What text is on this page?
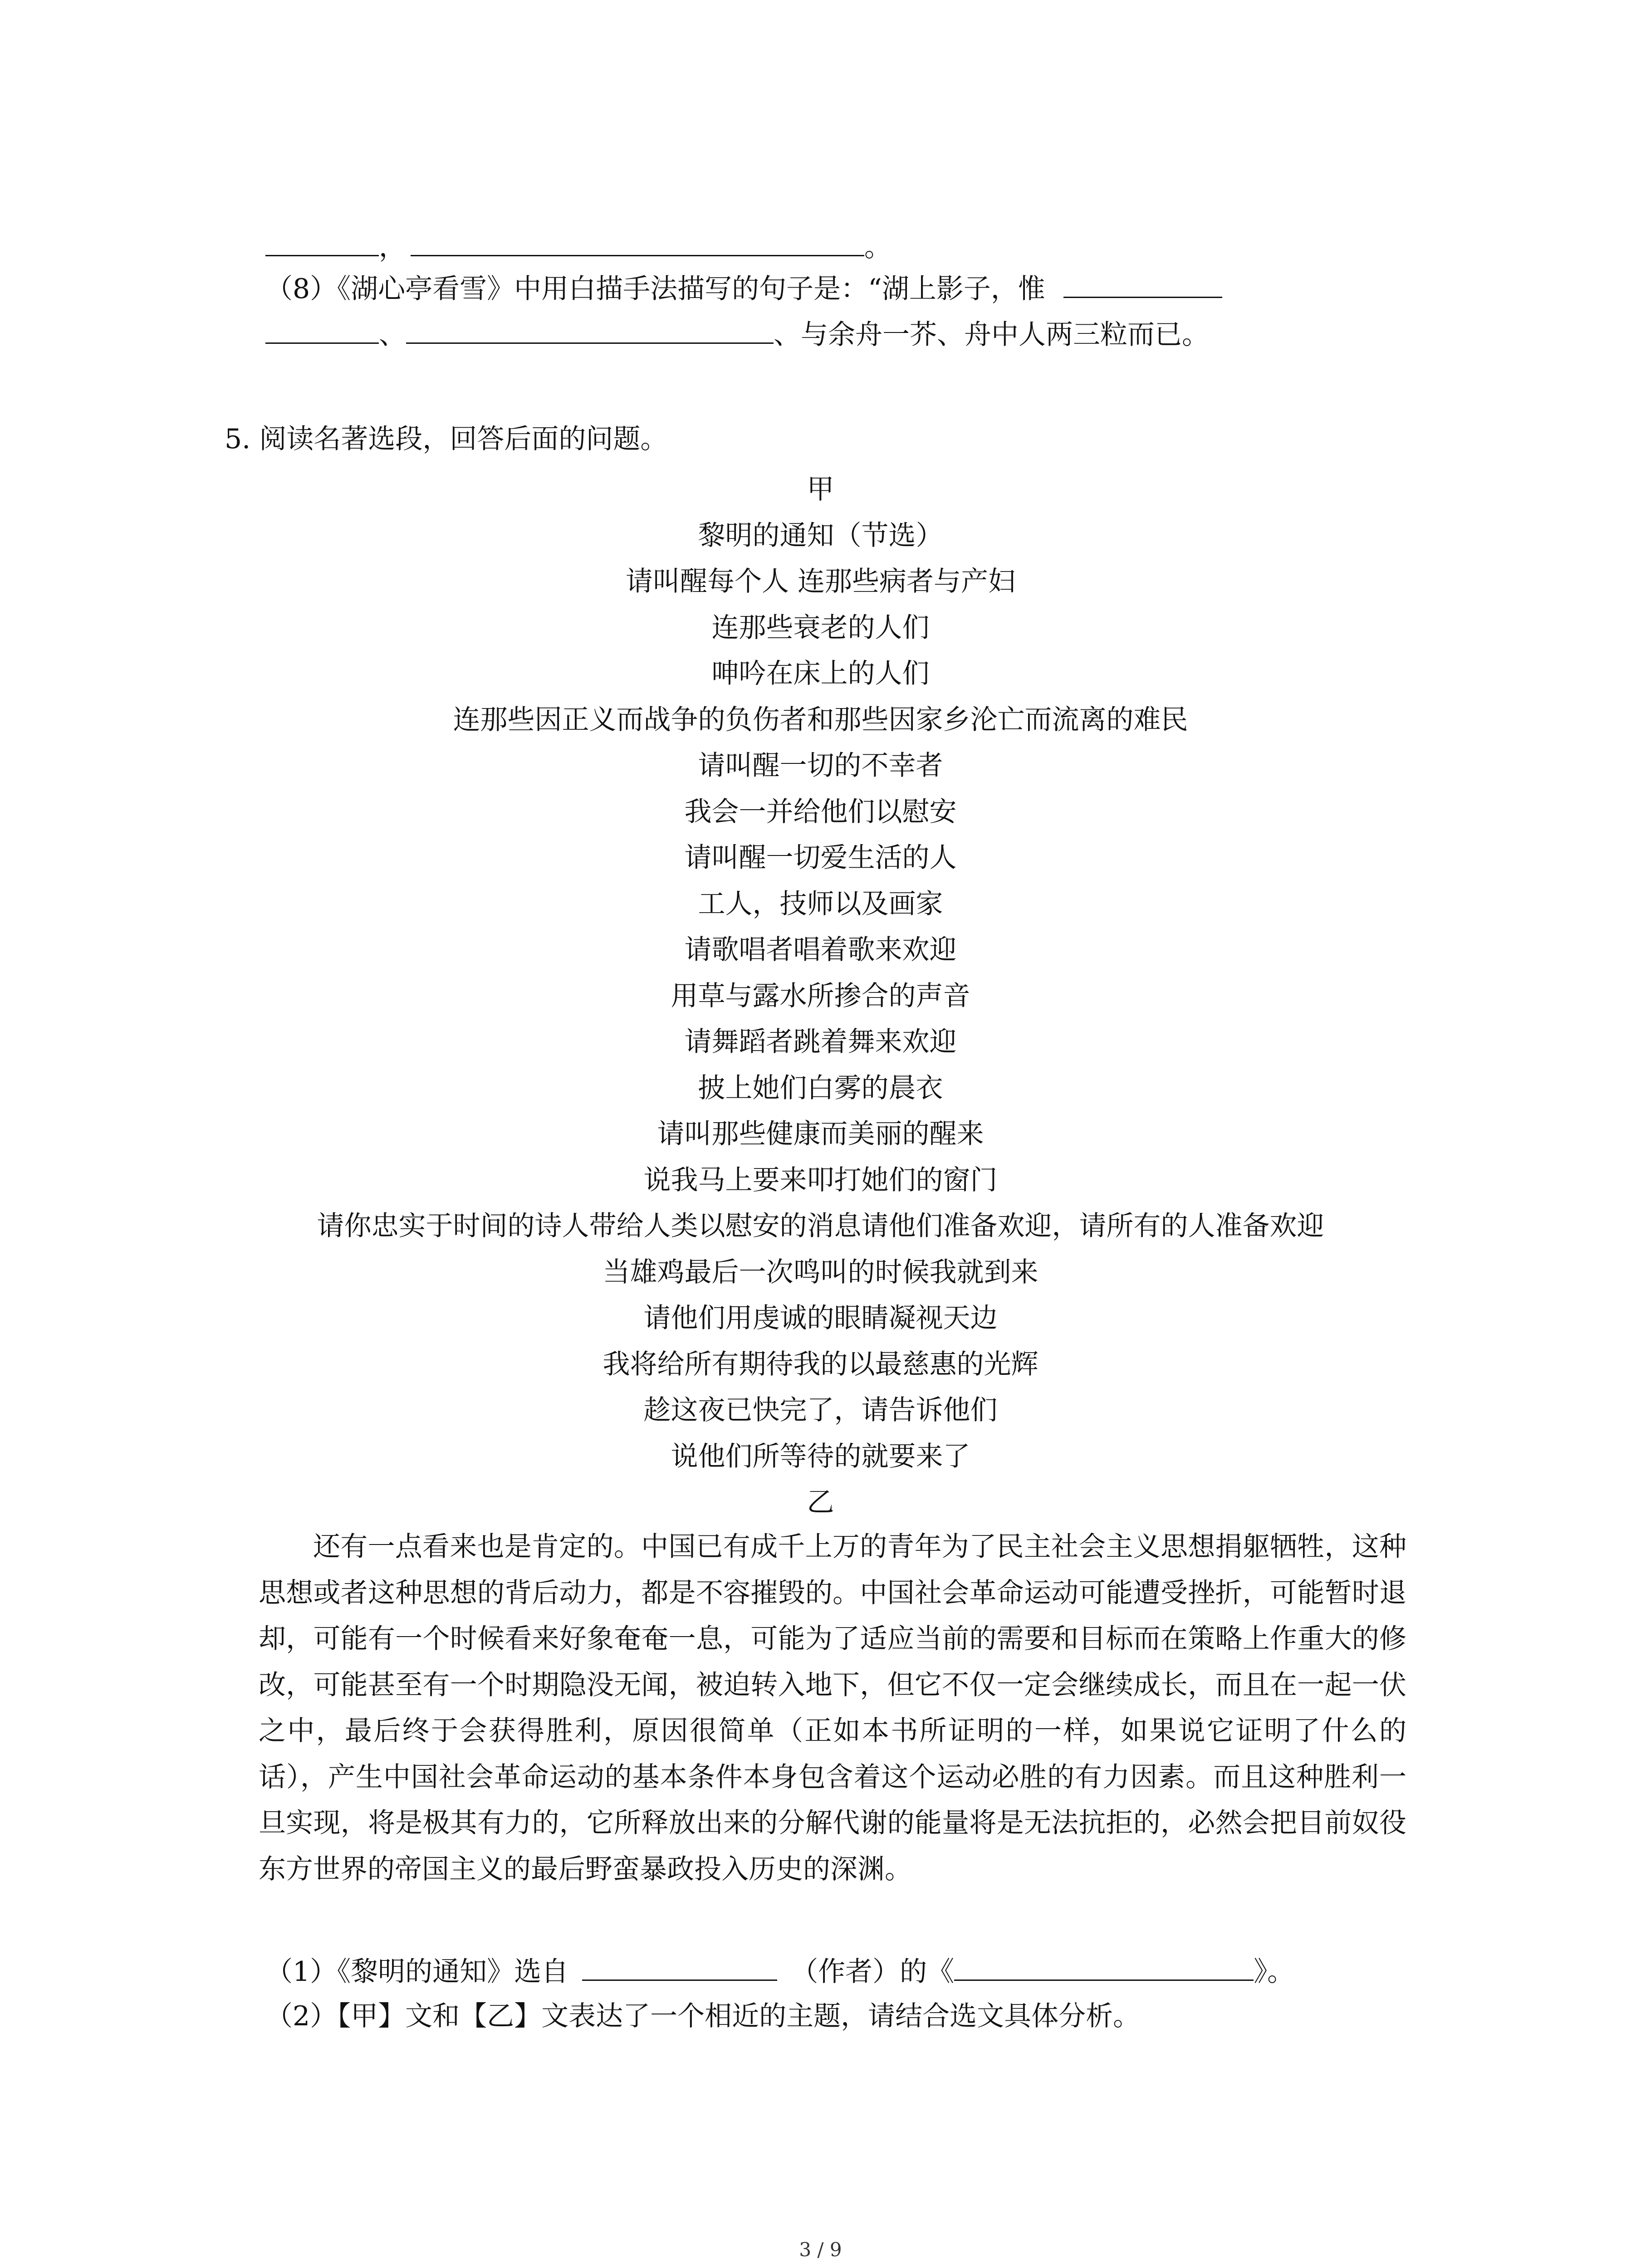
，	。
（8）《湖心亭看雪》中用白描手法描写的句子是：“湖上影子，惟
、	、与余舟一芥、舟中人两三粒而已。
5. 阅读名著选段，回答后面的问题。
甲
黎明的通知（节选）
请叫醒每个人 连那些病者与产妇
连那些衰老的人们
呻吟在床上的人们
连那些因正义而战争的负伤者和那些因家乡沦亡而流离的难民
请叫醒一切的不幸者
我会一并给他们以慰安
请叫醒一切爱生活的人
工人，技师以及画家
请歌唱者唱着歌来欢迎
用草与露水所掺合的声音
请舞蹈者跳着舞来欢迎
披上她们白雾的晨衣
请叫那些健康而美丽的醒来
说我马上要来叩打她们的窗门
请你忠实于时间的诗人带给人类以慰安的消息请他们准备欢迎，请所有的人准备欢迎
当雄鸡最后一次鸣叫的时候我就到来
请他们用虔诚的眼睛凝视天边
我将给所有期待我的以最慈惠的光辉
趁这夜已快完了，请告诉他们
说他们所等待的就要来了
乙
还有一点看来也是肯定的。中国已有成千上万的青年为了民主社会主义思想捐躯牺牲，这种思想或者这种思想的背后动力，都是不容摧毁的。中国社会革命运动可能遭受挫折，可能暂时退却，可能有一个时候看来好象奄奄一息，可能为了适应当前的需要和目标而在策略上作重大的修改，可能甚至有一个时期隐没无闻，被迫转入地下，但它不仅一定会继续成长，而且在一起一伏之中，最后终于会获得胜利，原因很简单（正如本书所证明的一样，如果说它证明了什么的话），产生中国社会革命运动的基本条件本身包含着这个运动必胜的有力因素。而且这种胜利一旦实现，将是极其有力的，它所释放出来的分解代谢的能量将是无法抗拒的，必然会把目前奴役东方世界的帝国主义的最后野蛮暴政投入历史的深渊。
（1）《黎明的通知》选自	（作者）的《	》。
（2）【甲】文和【乙】文表达了一个相近的主题，请结合选文具体分析。
3 / 9
